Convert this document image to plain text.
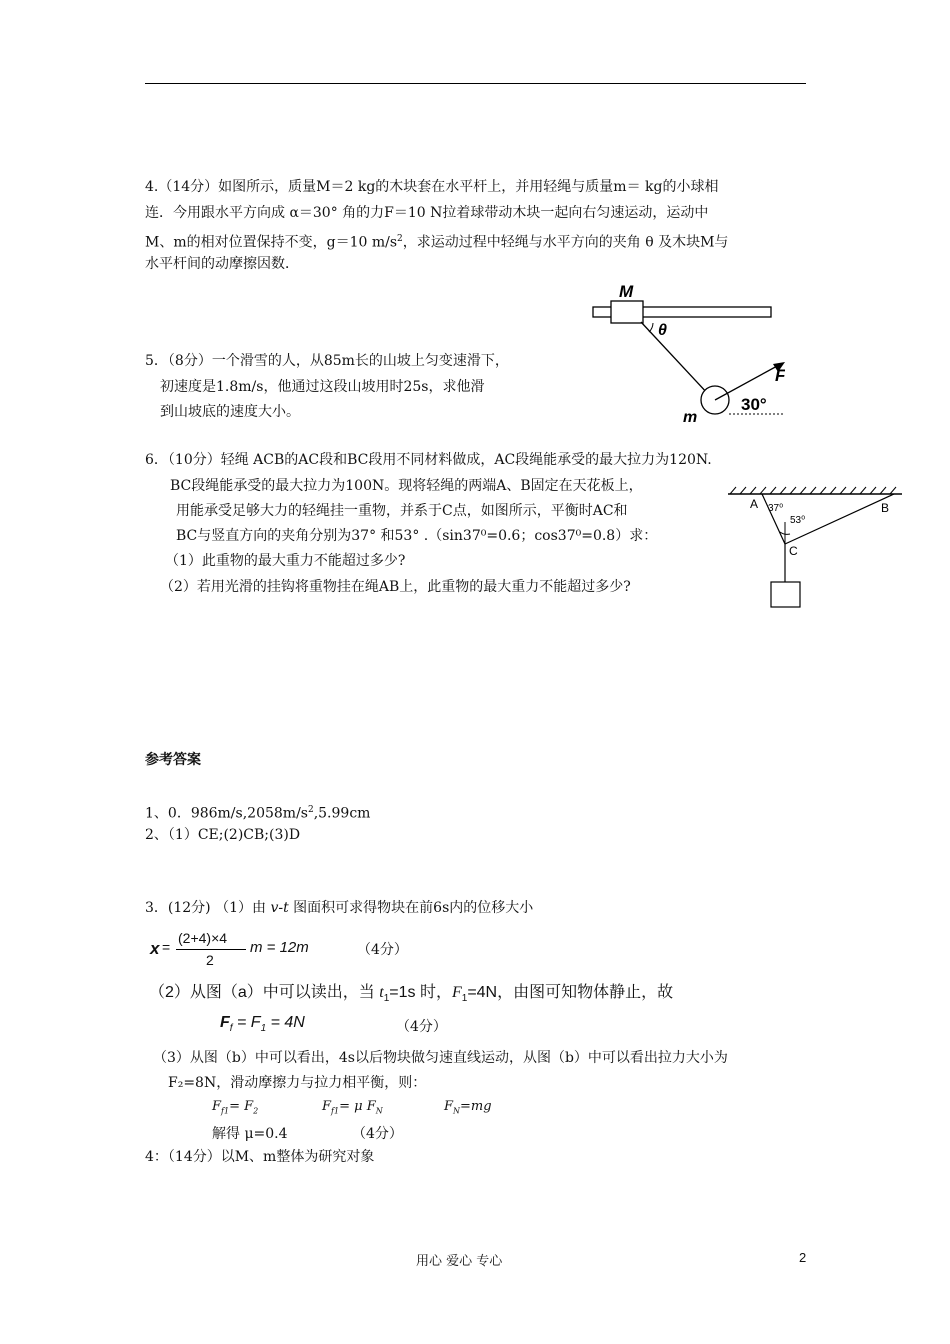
4.（14分）如图所示，质量M＝2 kg的木块套在水平杆上，并用轻绳与质量m＝ kg的小球相
连．今用跟水平方向成 α＝30° 角的力F＝10 N拉着球带动木块一起向右匀速运动，运动中
M、m的相对位置保持不变，g＝10 $m/s^2$，求运动过程中轻绳与水平方向的夹角 θ 及木块M与
水平杆间的动摩擦因数．
M
θ
F
m
30°
5．（8分）一个滑雪的人，从85m长的山坡上匀变速滑下，
初速度是1.8m/s，他通过这段山坡用时25s，求他滑
到山坡底的速度大小。
6．（10分）轻绳 ACB的AC段和BC段用不同材料做成，AC段绳能承受的最大拉力为120N.
BC段绳能承受的最大拉力为100N。现将轻绳的两端A、B固定在天花板上，
用能承受足够大力的轻绳挂一重物，并系于C点，如图所示，平衡时AC和
BC与竖直方向的夹角分别为37° 和53° .（sin37⁰=0.6；cos37⁰=0.8）求：
（1）此重物的最大重力不能超过多少?
（2）若用光滑的挂钩将重物挂在绳AB上，此重物的最大重力不能超过多少?
A	B
C
37⁰
53⁰
参考答案
1、0．$986m/s,2058m/s^2,5.99cm$
2、（1）CE;(2)CB;(3)D
3．(12分) （1）由 v-t 图面积可求得物块在前6s内的位移大小
x =
(2+4)×4
2
m = 12m	（4分）
（2）从图（a）中可以读出，当 $t_1=1s$ 时，$F_1=4N$，由图可知物体静止，故
$F_f = F_1 = 4N$	（4分）
（3）从图（b）中可以看出，4s以后物块做匀速直线运动，从图（b）中可以看出拉力大小为
F₂=8N，滑动摩擦力与拉力相平衡，则：
$F_{f1}= F_2$	$F_{f1}= \mu$ $F_N$	$F_N=mg$
解得 μ=0.4	（4分）
4：（14分）以M、m整体为研究对象
用心 爱心 专心	2
